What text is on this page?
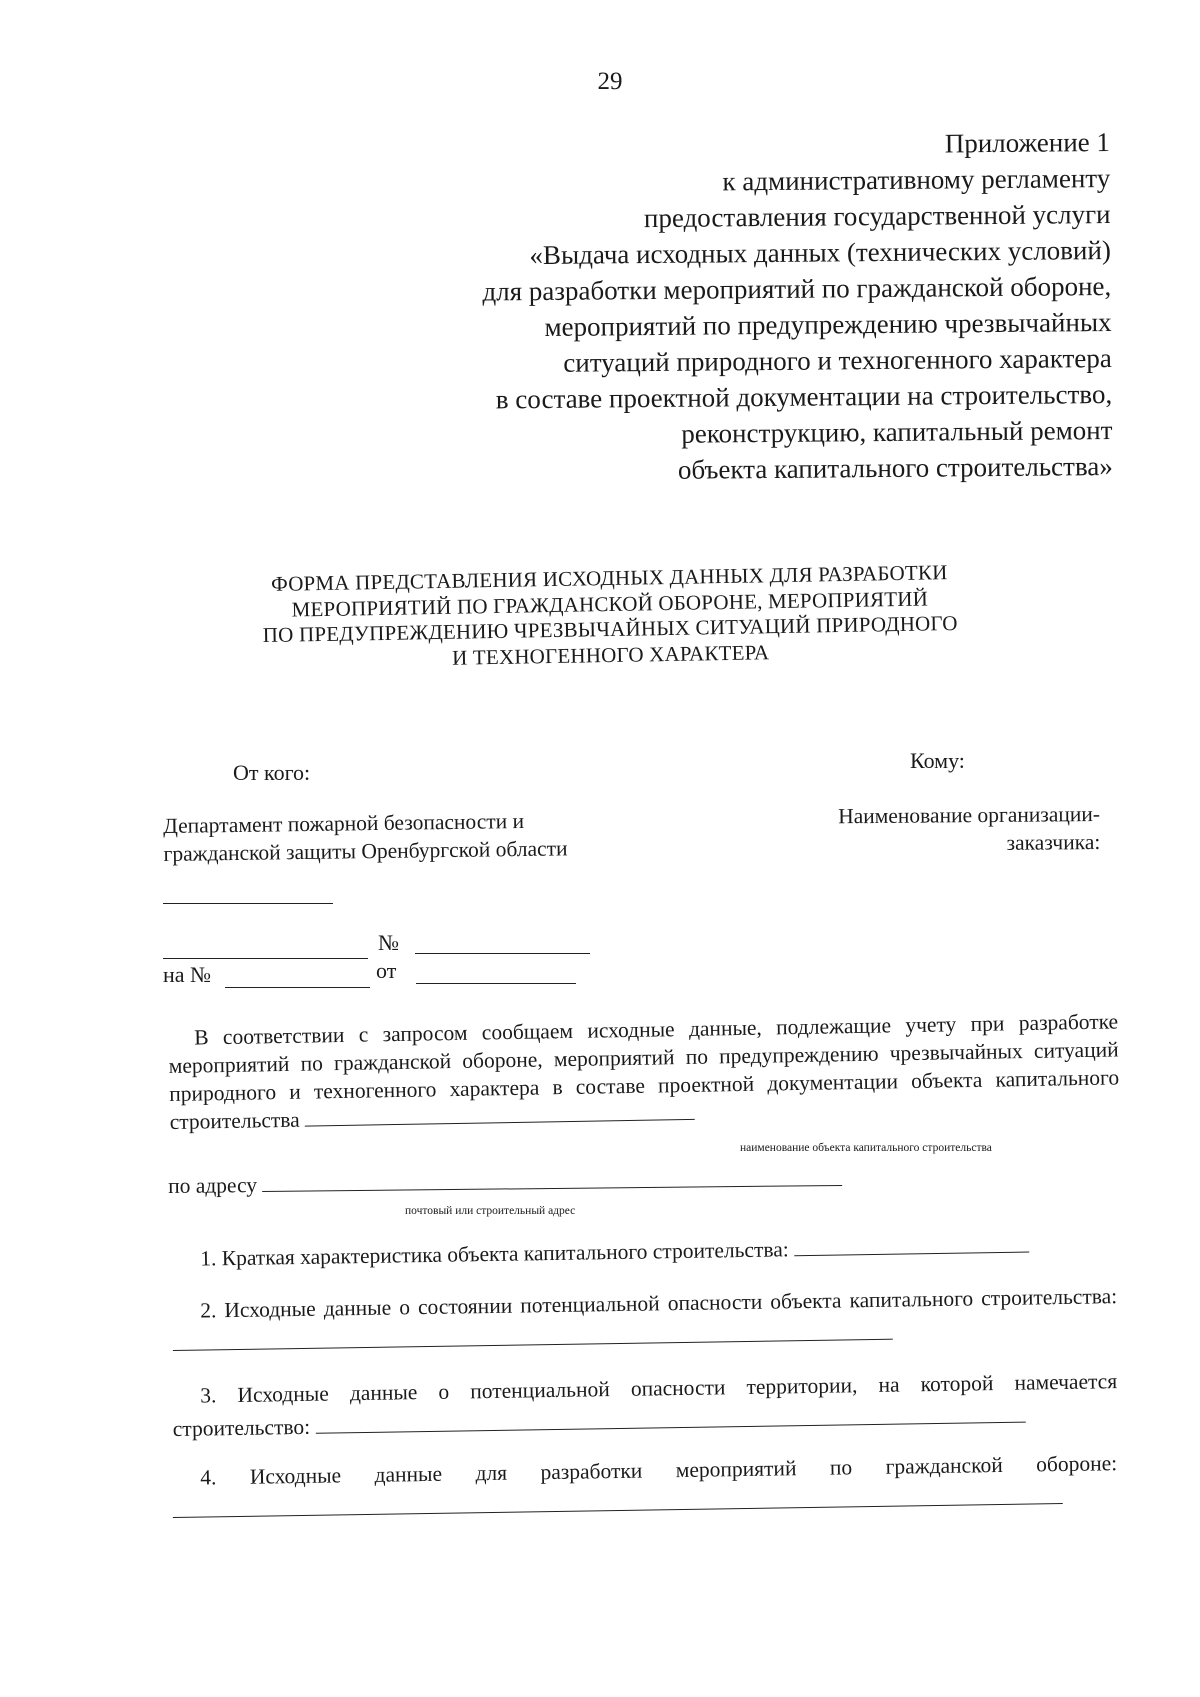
29
Приложение 1
к административному регламенту
предоставления государственной услуги
«Выдача исходных данных (технических условий)
для разработки мероприятий по гражданской обороне,
мероприятий по предупреждению чрезвычайных
ситуаций природного и техногенного характера
в составе проектной документации на строительство,
реконструкцию, капитальный ремонт
объекта капитального строительства»
ФОРМА ПРЕДСТАВЛЕНИЯ ИСХОДНЫХ ДАННЫХ ДЛЯ РАЗРАБОТКИ
МЕРОПРИЯТИЙ ПО ГРАЖДАНСКОЙ ОБОРОНЕ, МЕРОПРИЯТИЙ
ПО ПРЕДУПРЕЖДЕНИЮ ЧРЕЗВЫЧАЙНЫХ СИТУАЦИЙ ПРИРОДНОГО
И ТЕХНОГЕННОГО ХАРАКТЕРА
От кого:	Кому:
Департамент пожарной безопасности и
гражданской защиты Оренбургской области
Наименование организации-
заказчика:
№
на №	от

В соответствии с запросом сообщаем исходные данные, подлежащие учету при разработке мероприятий по гражданской обороне, мероприятий по предупреждению чрезвычайных ситуаций природного и техногенного характера в составе проектной документации объекта капитального строительства

наименование объекта капитального строительства
по адресу
почтовый или строительный адрес

1. Краткая характеристика объекта капитального строительства:

2. Исходные данные о состоянии потенциальной опасности объекта капитального строительства:

3. Исходные данные о потенциальной опасности территории, на которой намечается строительство:

4. Исходные данные для разработки мероприятий по гражданской обороне:
